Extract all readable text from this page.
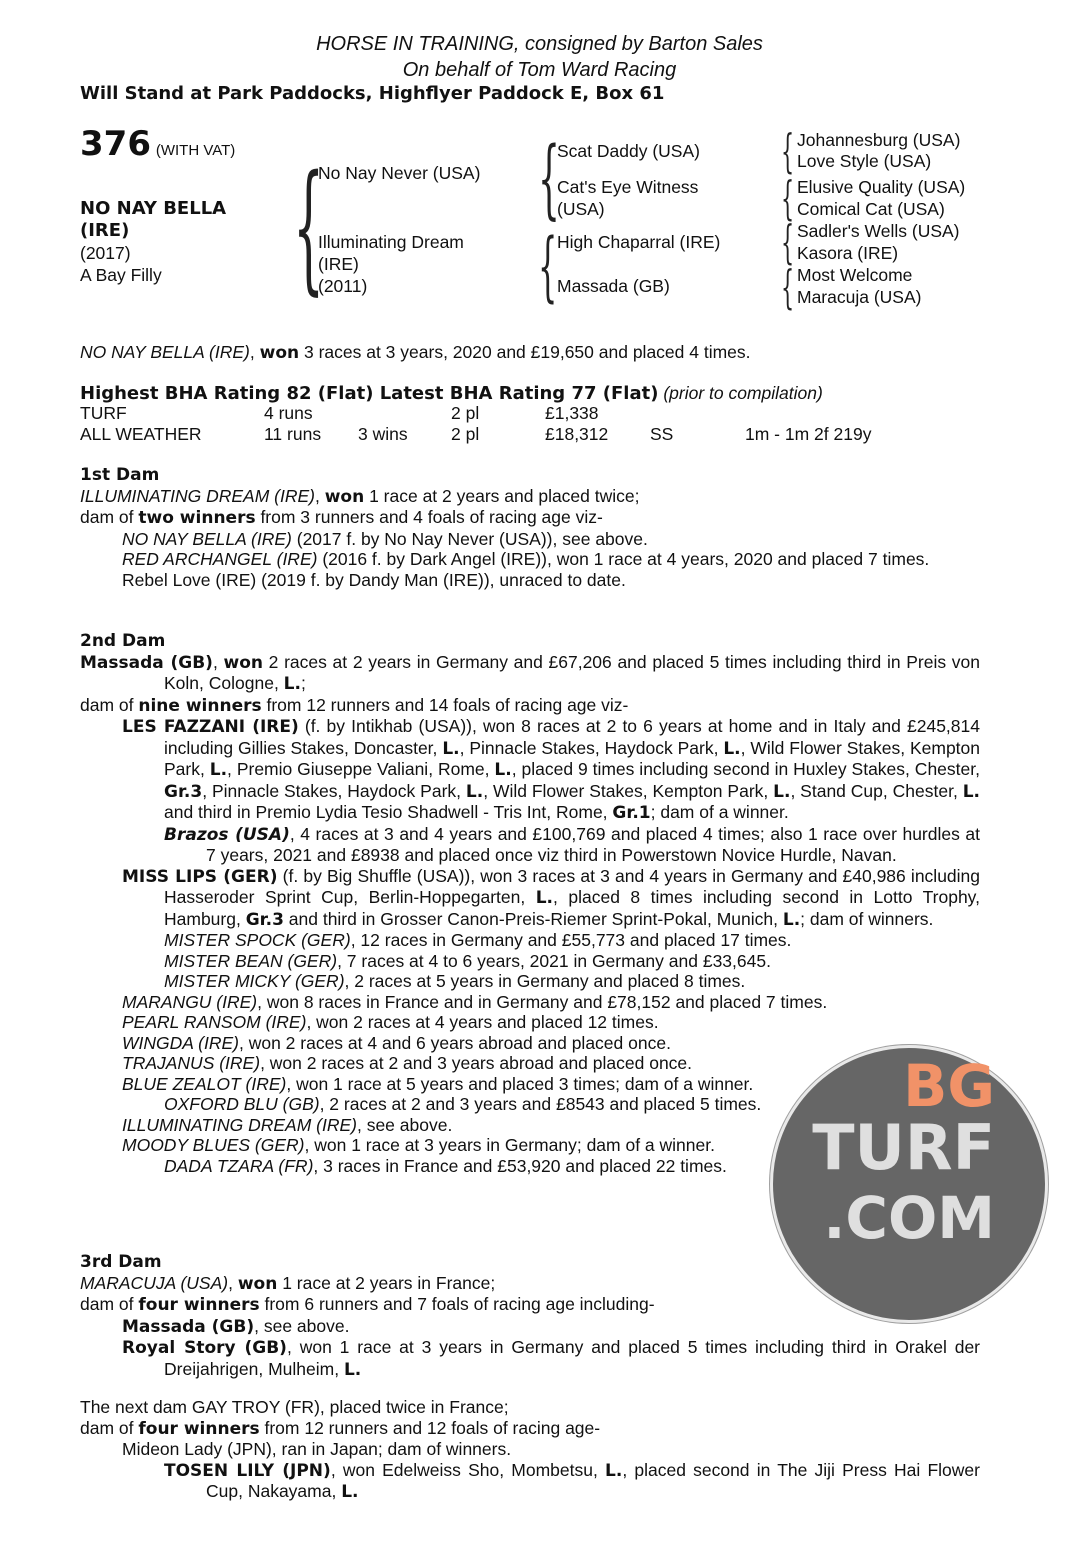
HORSE IN TRAINING, consigned by Barton Sales
On behalf of Tom Ward Racing
Will Stand at Park Paddocks, Highflyer Paddock E, Box 61
376 (WITH VAT)
NO NAY BELLA
(IRE)
(2017)
A Bay Filly {
No Nay Never (USA)
Illuminating Dream
(IRE)
(2011)
{
Scat Daddy (USA)
Cat's Eye Witness
(USA)
{ High Chaparral (IRE)
Massada (GB)
{ Johannesburg (USA)
Love Style (USA)
{ Elusive Quality (USA)
Comical Cat (USA)
{ Sadler's Wells (USA)
Kasora (IRE)
{ Most Welcome
Maracuja (USA)
NO NAY BELLA (IRE), won 3 races at 3 years, 2020 and £19,650 and placed 4 times.
Highest BHA Rating 82 (Flat) Latest BHA Rating 77 (Flat) (prior to compilation)
TURF	4 runs		2 pl	£1,338		
ALL WEATHER	11 runs	3 wins	2 pl	£18,312	SS	1m - 1m 2f 219y

1st Dam

ILLUMINATING DREAM (IRE), won 1 race at 2 years and placed twice;

dam of two winners from 3 runners and 4 foals of racing age viz-

NO NAY BELLA (IRE) (2017 f. by No Nay Never (USA)), see above.

RED ARCHANGEL (IRE) (2016 f. by Dark Angel (IRE)), won 1 race at 4 years, 2020 and placed 7 times.

Rebel Love (IRE) (2019 f. by Dandy Man (IRE)), unraced to date.

2nd Dam

Massada (GB), won 2 races at 2 years in Germany and £67,206 and placed 5 times including third in Preis von Koln, Cologne, L.;

dam of nine winners from 12 runners and 14 foals of racing age viz-

LES FAZZANI (IRE) (f. by Intikhab (USA)), won 8 races at 2 to 6 years at home and in Italy and £245,814 including Gillies Stakes, Doncaster, L., Pinnacle Stakes, Haydock Park, L., Wild Flower Stakes, Kempton Park, L., Premio Giuseppe Valiani, Rome, L., placed 9 times including second in Huxley Stakes, Chester, Gr.3, Pinnacle Stakes, Haydock Park, L., Wild Flower Stakes, Kempton Park, L., Stand Cup, Chester, L. and third in Premio Lydia Tesio Shadwell - Tris Int, Rome, Gr.1; dam of a winner.

Brazos (USA), 4 races at 3 and 4 years and £100,769 and placed 4 times; also 1 race over hurdles at 7 years, 2021 and £8938 and placed once viz third in Powerstown Novice Hurdle, Navan.

MISS LIPS (GER) (f. by Big Shuffle (USA)), won 3 races at 3 and 4 years in Germany and £40,986 including Hasseroder Sprint Cup, Berlin-Hoppegarten, L., placed 8 times including second in Lotto Trophy, Hamburg, Gr.3 and third in Grosser Canon-Preis-Riemer Sprint-Pokal, Munich, L.; dam of winners.

MISTER SPOCK (GER), 12 races in Germany and £55,773 and placed 17 times.

MISTER BEAN (GER), 7 races at 4 to 6 years, 2021 in Germany and £33,645.

MISTER MICKY (GER), 2 races at 5 years in Germany and placed 8 times.

MARANGU (IRE), won 8 races in France and in Germany and £78,152 and placed 7 times.

PEARL RANSOM (IRE), won 2 races at 4 years and placed 12 times.

WINGDA (IRE), won 2 races at 4 and 6 years abroad and placed once.

TRAJANUS (IRE), won 2 races at 2 and 3 years abroad and placed once.

BLUE ZEALOT (IRE), won 1 race at 5 years and placed 3 times; dam of a winner.

OXFORD BLU (GB), 2 races at 2 and 3 years and £8543 and placed 5 times.

ILLUMINATING DREAM (IRE), see above.

MOODY BLUES (GER), won 1 race at 3 years in Germany; dam of a winner.

DADA TZARA (FR), 3 races in France and £53,920 and placed 22 times.

3rd Dam

MARACUJA (USA), won 1 race at 2 years in France;

dam of four winners from 6 runners and 7 foals of racing age including-

Massada (GB), see above.

Royal Story (GB), won 1 race at 3 years in Germany and placed 5 times including third in Orakel der Dreijahrigen, Mulheim, L.

The next dam GAY TROY (FR), placed twice in France;

dam of four winners from 12 runners and 12 foals of racing age-

Mideon Lady (JPN), ran in Japan; dam of winners.

TOSEN LILY (JPN), won Edelweiss Sho, Mombetsu, L., placed second in The Jiji Press Hai Flower Cup, Nakayama, L.

BG
TURF
.COM
